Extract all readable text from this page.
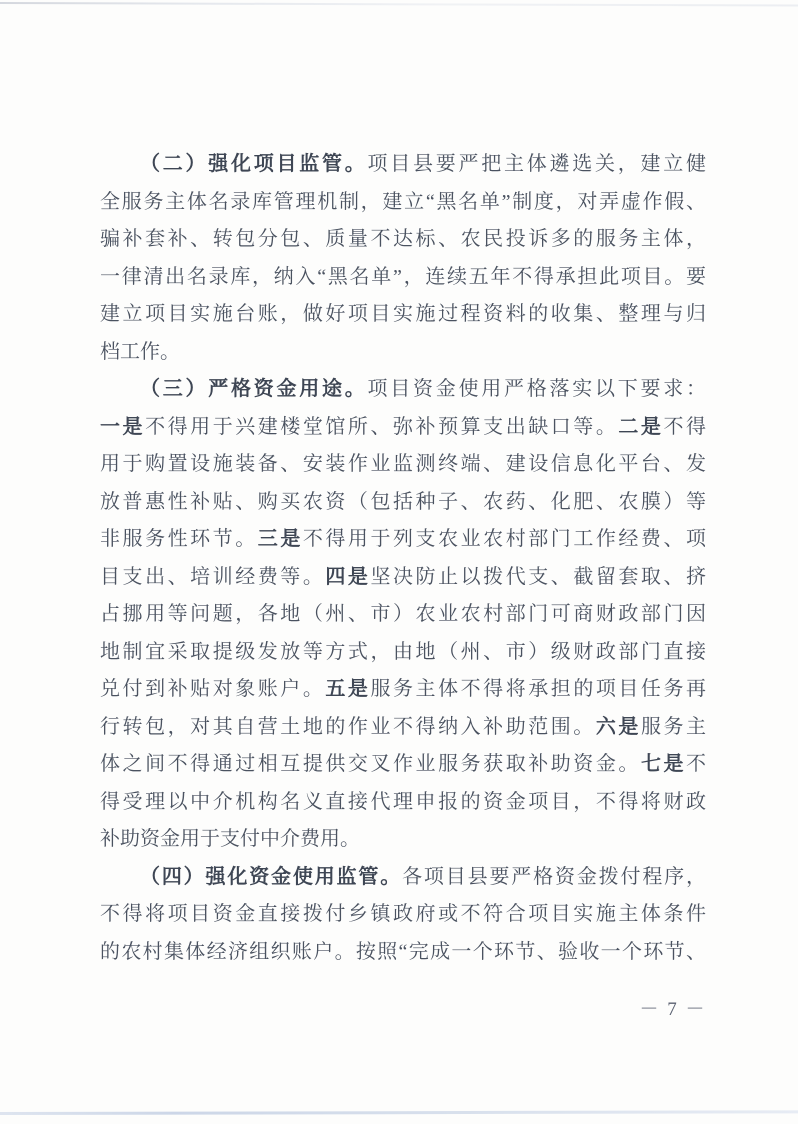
（二）强化项目监管。项目县要严把主体遴选关，建立健
全服务主体名录库管理机制，建立“黑名单”制度，对弄虚作假、
骗补套补、转包分包、质量不达标、农民投诉多的服务主体，
一律清出名录库，纳入“黑名单”，连续五年不得承担此项目。要
建立项目实施台账，做好项目实施过程资料的收集、整理与归
档工作。
（三）严格资金用途。项目资金使用严格落实以下要求：
一是不得用于兴建楼堂馆所、弥补预算支出缺口等。二是不得
用于购置设施装备、安装作业监测终端、建设信息化平台、发
放普惠性补贴、购买农资（包括种子、农药、化肥、农膜）等
非服务性环节。三是不得用于列支农业农村部门工作经费、项
目支出、培训经费等。四是坚决防止以拨代支、截留套取、挤
占挪用等问题，各地（州、市）农业农村部门可商财政部门因
地制宜采取提级发放等方式，由地（州、市）级财政部门直接
兑付到补贴对象账户。五是服务主体不得将承担的项目任务再
行转包，对其自营土地的作业不得纳入补助范围。六是服务主
体之间不得通过相互提供交叉作业服务获取补助资金。七是不
得受理以中介机构名义直接代理申报的资金项目，不得将财政
补助资金用于支付中介费用。
（四）强化资金使用监管。各项目县要严格资金拨付程序，
不得将项目资金直接拨付乡镇政府或不符合项目实施主体条件
的农村集体经济组织账户。按照“完成一个环节、验收一个环节、
－ 7 －
